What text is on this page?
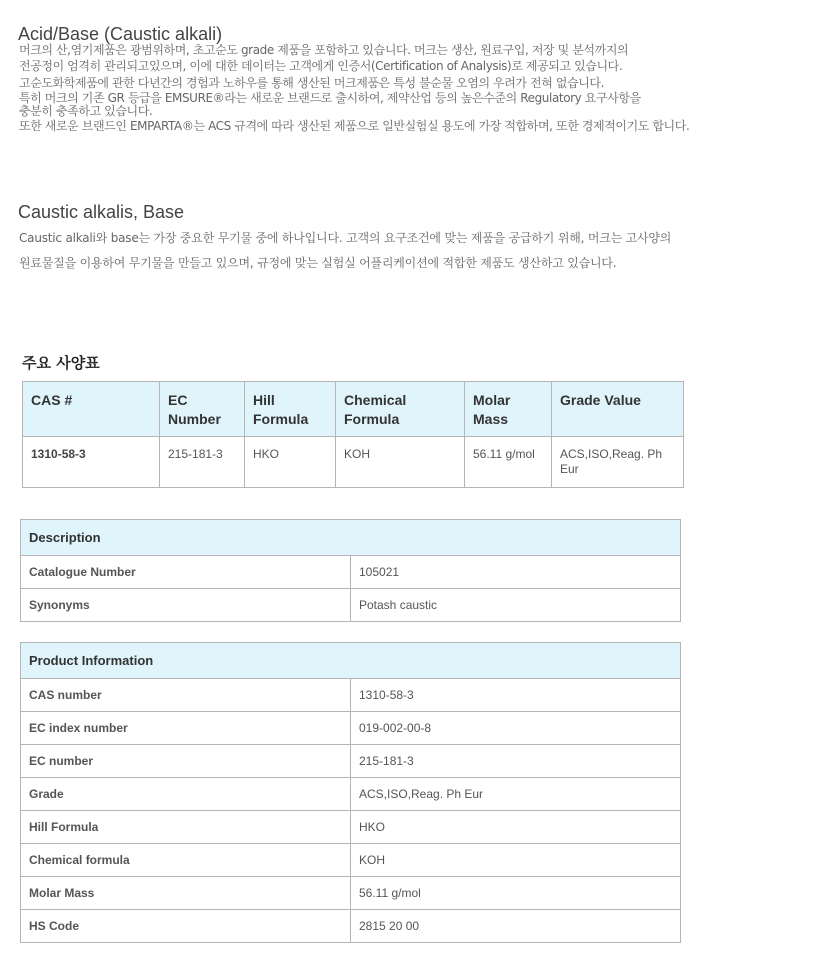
Acid/Base (Caustic alkali)

머크의 산,염기제품은 광범위하며, 초고순도 grade 제품을 포함하고 있습니다. 머크는 생산, 원료구입, 저장 및 분석까지의

전공정이 엄격히 관리되고있으며, 이에 대한 데이터는 고객에게 인증서(Certification of Analysis)로 제공되고 있습니다.

고순도화학제품에 관한 다년간의 경험과 노하우를 통해 생산된 머크제품은 특성 불순물 오염의 우려가 전혀 없습니다.

특히 머크의 기존 GR 등급을 EMSURE®라는 새로운 브랜드로 출시하여, 제약산업 등의 높은수준의 Regulatory 요구사항을

충분히 충족하고 있습니다.

또한 새로운 브랜드인 EMPARTA®는 ACS 규격에 따라 생산된 제품으로 일반실험실 용도에 가장 적합하며, 또한 경제적이기도 합니다.

Caustic alkalis, Base

Caustic alkali와 base는 가장 중요한 무기물 중에 하나입니다. 고객의 요구조건에 맞는 제품을 공급하기 위해, 머크는 고사양의

원료물질을 이용하여 무기물을 만들고 있으며, 규정에 맞는 실험실 어플리케이션에 적합한 제품도 생산하고 있습니다.

주요 사양표
CAS #	EC Number	Hill Formula	Chemical Formula	Molar Mass	Grade Value
1310-58-3	215-181-3	HKO	KOH	56.11 g/mol	ACS,ISO,Reag. Ph Eur
Description	
Catalogue Number	105021
Synonyms	Potash caustic
Product Information	
CAS number	1310-58-3
EC index number	019-002-00-8
EC number	215-181-3
Grade	ACS,ISO,Reag. Ph Eur
Hill Formula	HKO
Chemical formula	KOH
Molar Mass	56.11 g/mol
HS Code	2815 20 00
